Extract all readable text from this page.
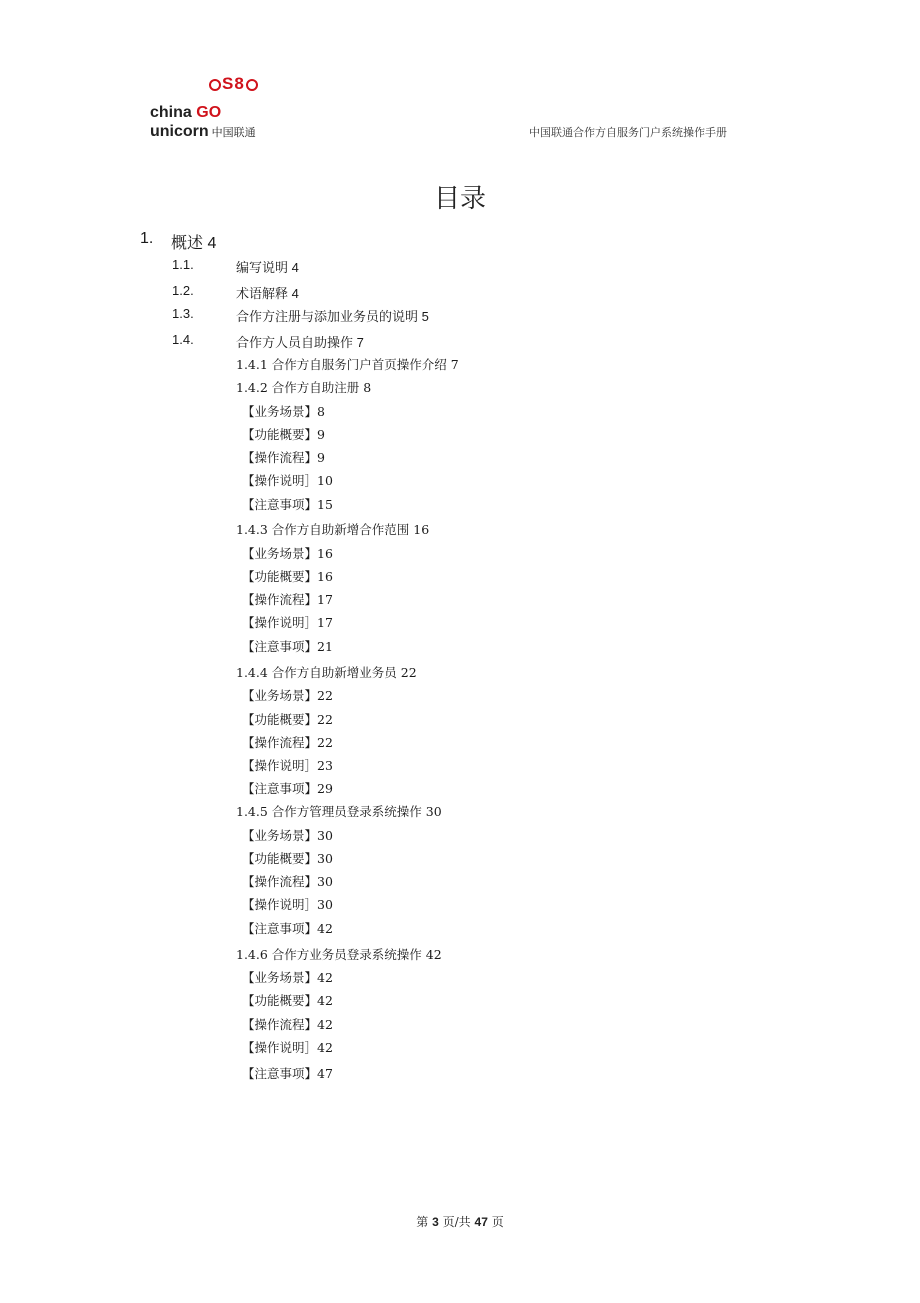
S8
china GO
unicorn 中国联通	中国联通合作方自服务门户系统操作手册
目录
1. 概述 4
1.1.	编写说明 4
1.2.	术语解释 4
1.3.	合作方注册与添加业务员的说明 5
1.4.	合作方人员自助操作 7
1.4.1 合作方自服务门户首页操作介绍 7
1.4.2 合作方自助注册 8
【业务场景】8
【功能概要】9
【操作流程】9
【操作说明］10
【注意事项】15
1.4.3 合作方自助新增合作范围 16
【业务场景】16
【功能概要】16
【操作流程】17
【操作说明］17
【注意事项】21
1.4.4 合作方自助新增业务员 22
【业务场景】22
【功能概要】22
【操作流程】22
【操作说明］23
【注意事项】29
1.4.5 合作方管理员登录系统操作 30
【业务场景】30
【功能概要】30
【操作流程】30
【操作说明］30
【注意事项】42
1.4.6 合作方业务员登录系统操作 42
【业务场景】42
【功能概要】42
【操作流程】42
【操作说明］42
【注意事项】47
第 3 页/共 47 页
